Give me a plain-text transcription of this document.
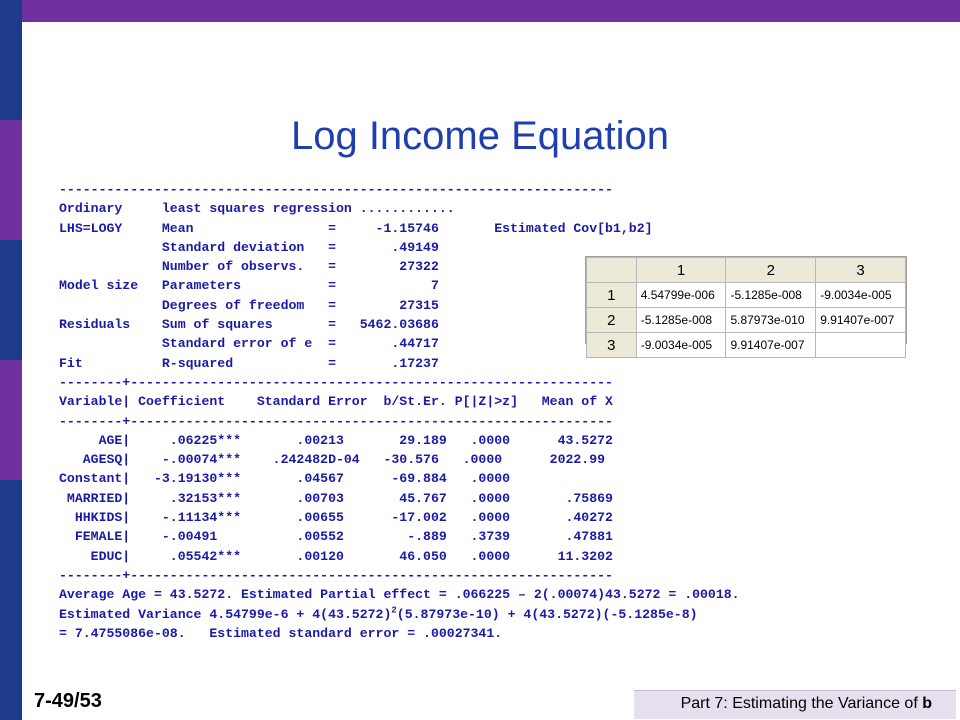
Log Income Equation
----------------------------------------------------------------------
Ordinary     least squares regression ............
LHS=LOGY     Mean                 =     -1.15746       Estimated Cov[b1,b2]
Standard deviation   =       .49149
Number of observs.   =        27322
Model size   Parameters           =            7
Degrees of freedom   =        27315
Residuals    Sum of squares       =   5462.03686
Standard error of e  =       .44717
Fit          R-squared            =       .17237
--------+-------------------------------------------------------------
Variable| Coefficient    Standard Error  b/St.Er. P[|Z|>z]   Mean of X
--------+-------------------------------------------------------------
AGE|     .06225***       .00213       29.189   .0000      43.5272
AGESQ|    -.00074***    .242482D-04   -30.576   .0000      2022.99
Constant|   -3.19130***       .04567      -69.884   .0000
MARRIED|     .32153***       .00703       45.767   .0000       .75869
HHKIDS|    -.11134***       .00655      -17.002   .0000       .40272
FEMALE|    -.00491          .00552        -.889   .3739       .47881
EDUC|     .05542***       .00120       46.050   .0000      11.3202
--------+-------------------------------------------------------------
Average Age = 43.5272. Estimated Partial effect = .066225 – 2(.00074)43.5272 = .00018.
Estimated Variance $4.54799e-6 + 4(43.5272)^2(5.87973e-10) + 4(43.5272)(-5.1285e-8)$
= 7.4755086e-08.   Estimated standard error = .00027341.
	1	2	3
1	4.54799e-006	-5.1285e-008	-9.0034e-005
2	-5.1285e-008	5.87973e-010	9.91407e-007
3	-9.0034e-005	9.91407e-007	
7-49/53	Part 7: Estimating the Variance of b
